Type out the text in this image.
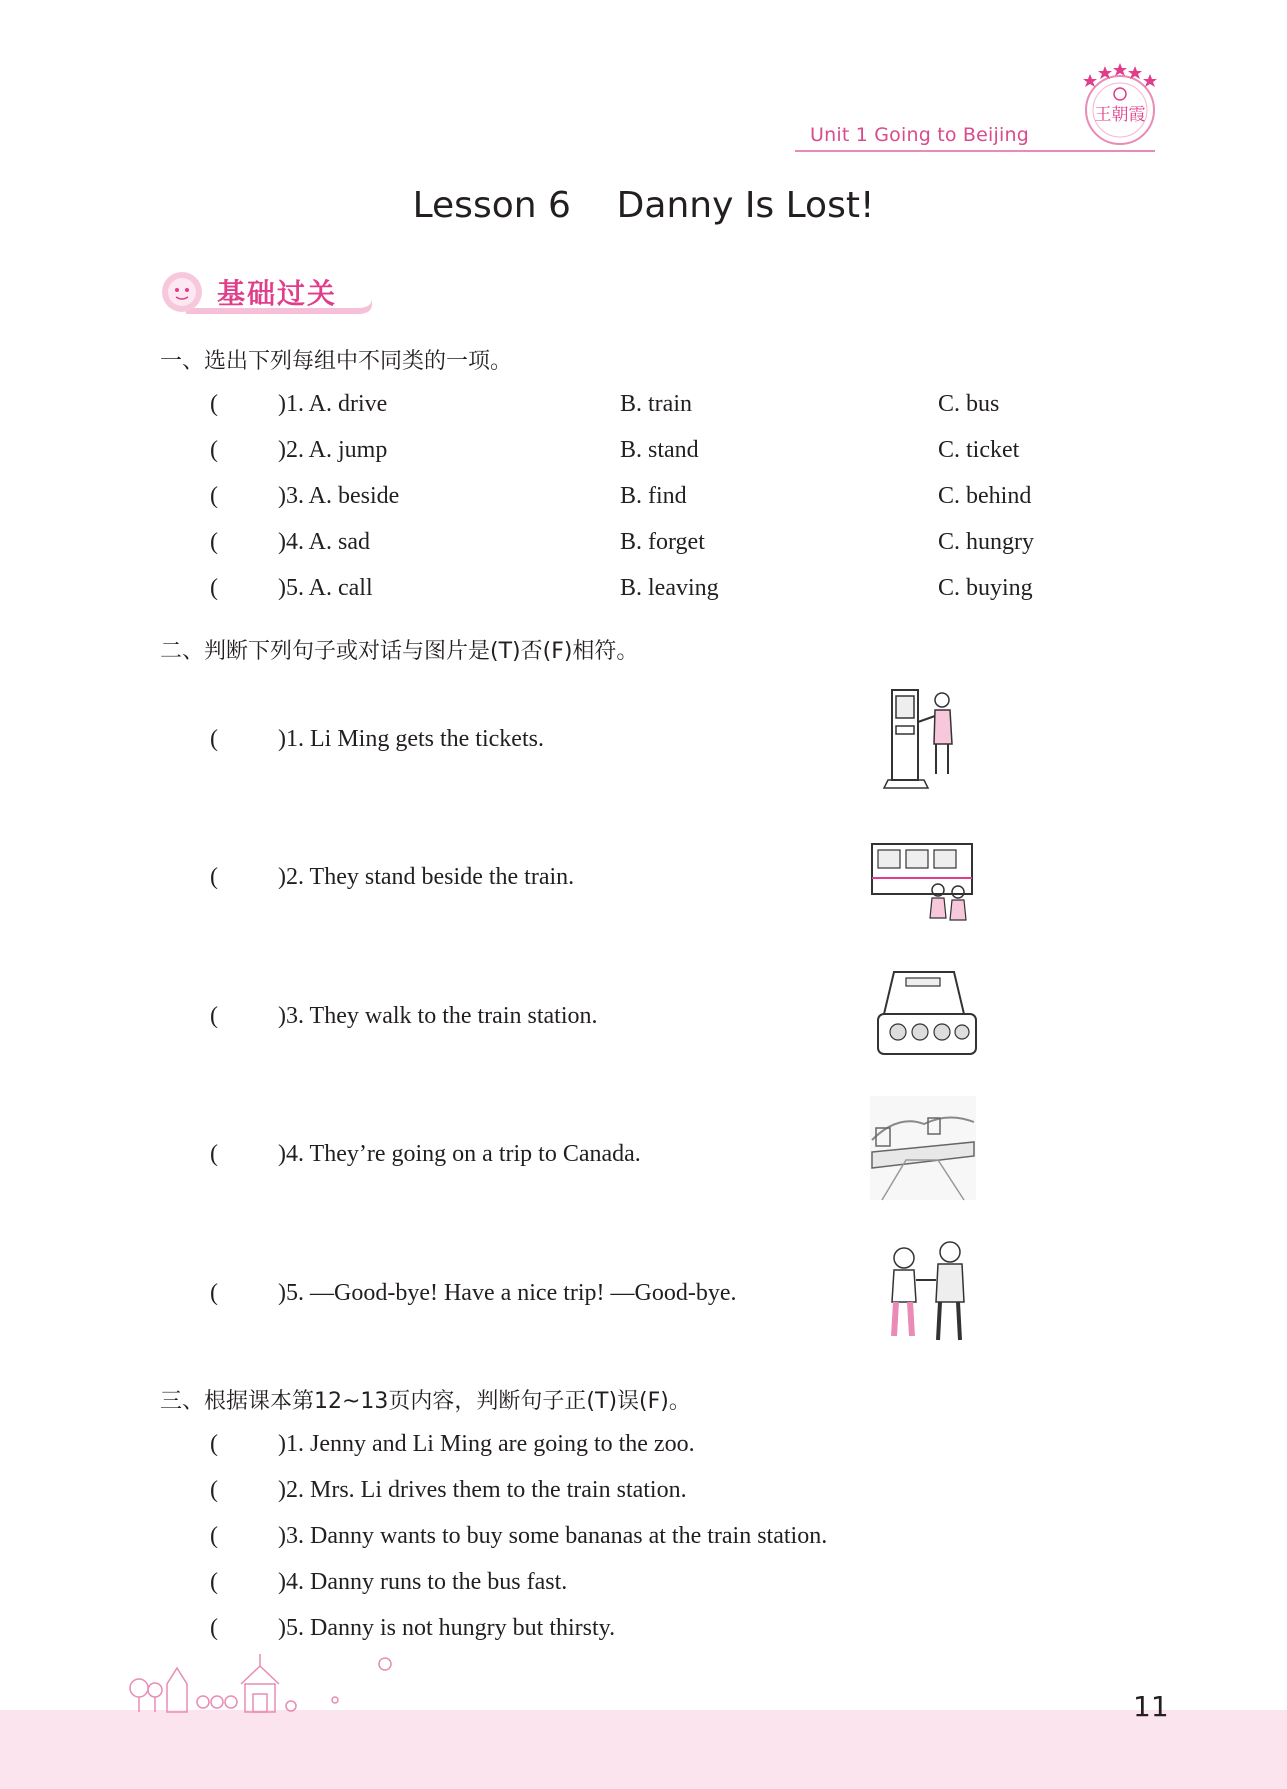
Unit 1 Going to Beijing
王朝霞
Lesson 6    Danny Is Lost!
基础过关
一、选出下列每组中不同类的一项。
(	)1. A. drive	B. train	C. bus
(	)2. A. jump	B. stand	C. ticket
(	)3. A. beside	B. find	C. behind
(	)4. A. sad	B. forget	C. hungry
(	)5. A. call	B. leaving	C. buying
二、判断下列句子或对话与图片是(T)否(F)相符。
(	)1. Li Ming gets the tickets.
(	)2. They stand beside the train.
(	)3. They walk to the train station.
(	)4. They’re going on a trip to Canada.
(	)5. —Good-bye! Have a nice trip! —Good-bye.
三、根据课本第12~13页内容，判断句子正(T)误(F)。
(	)1. Jenny and Li Ming are going to the zoo.
(	)2. Mrs. Li drives them to the train station.
(	)3. Danny wants to buy some bananas at the train station.
(	)4. Danny runs to the bus fast.
(	)5. Danny is not hungry but thirsty.
11
